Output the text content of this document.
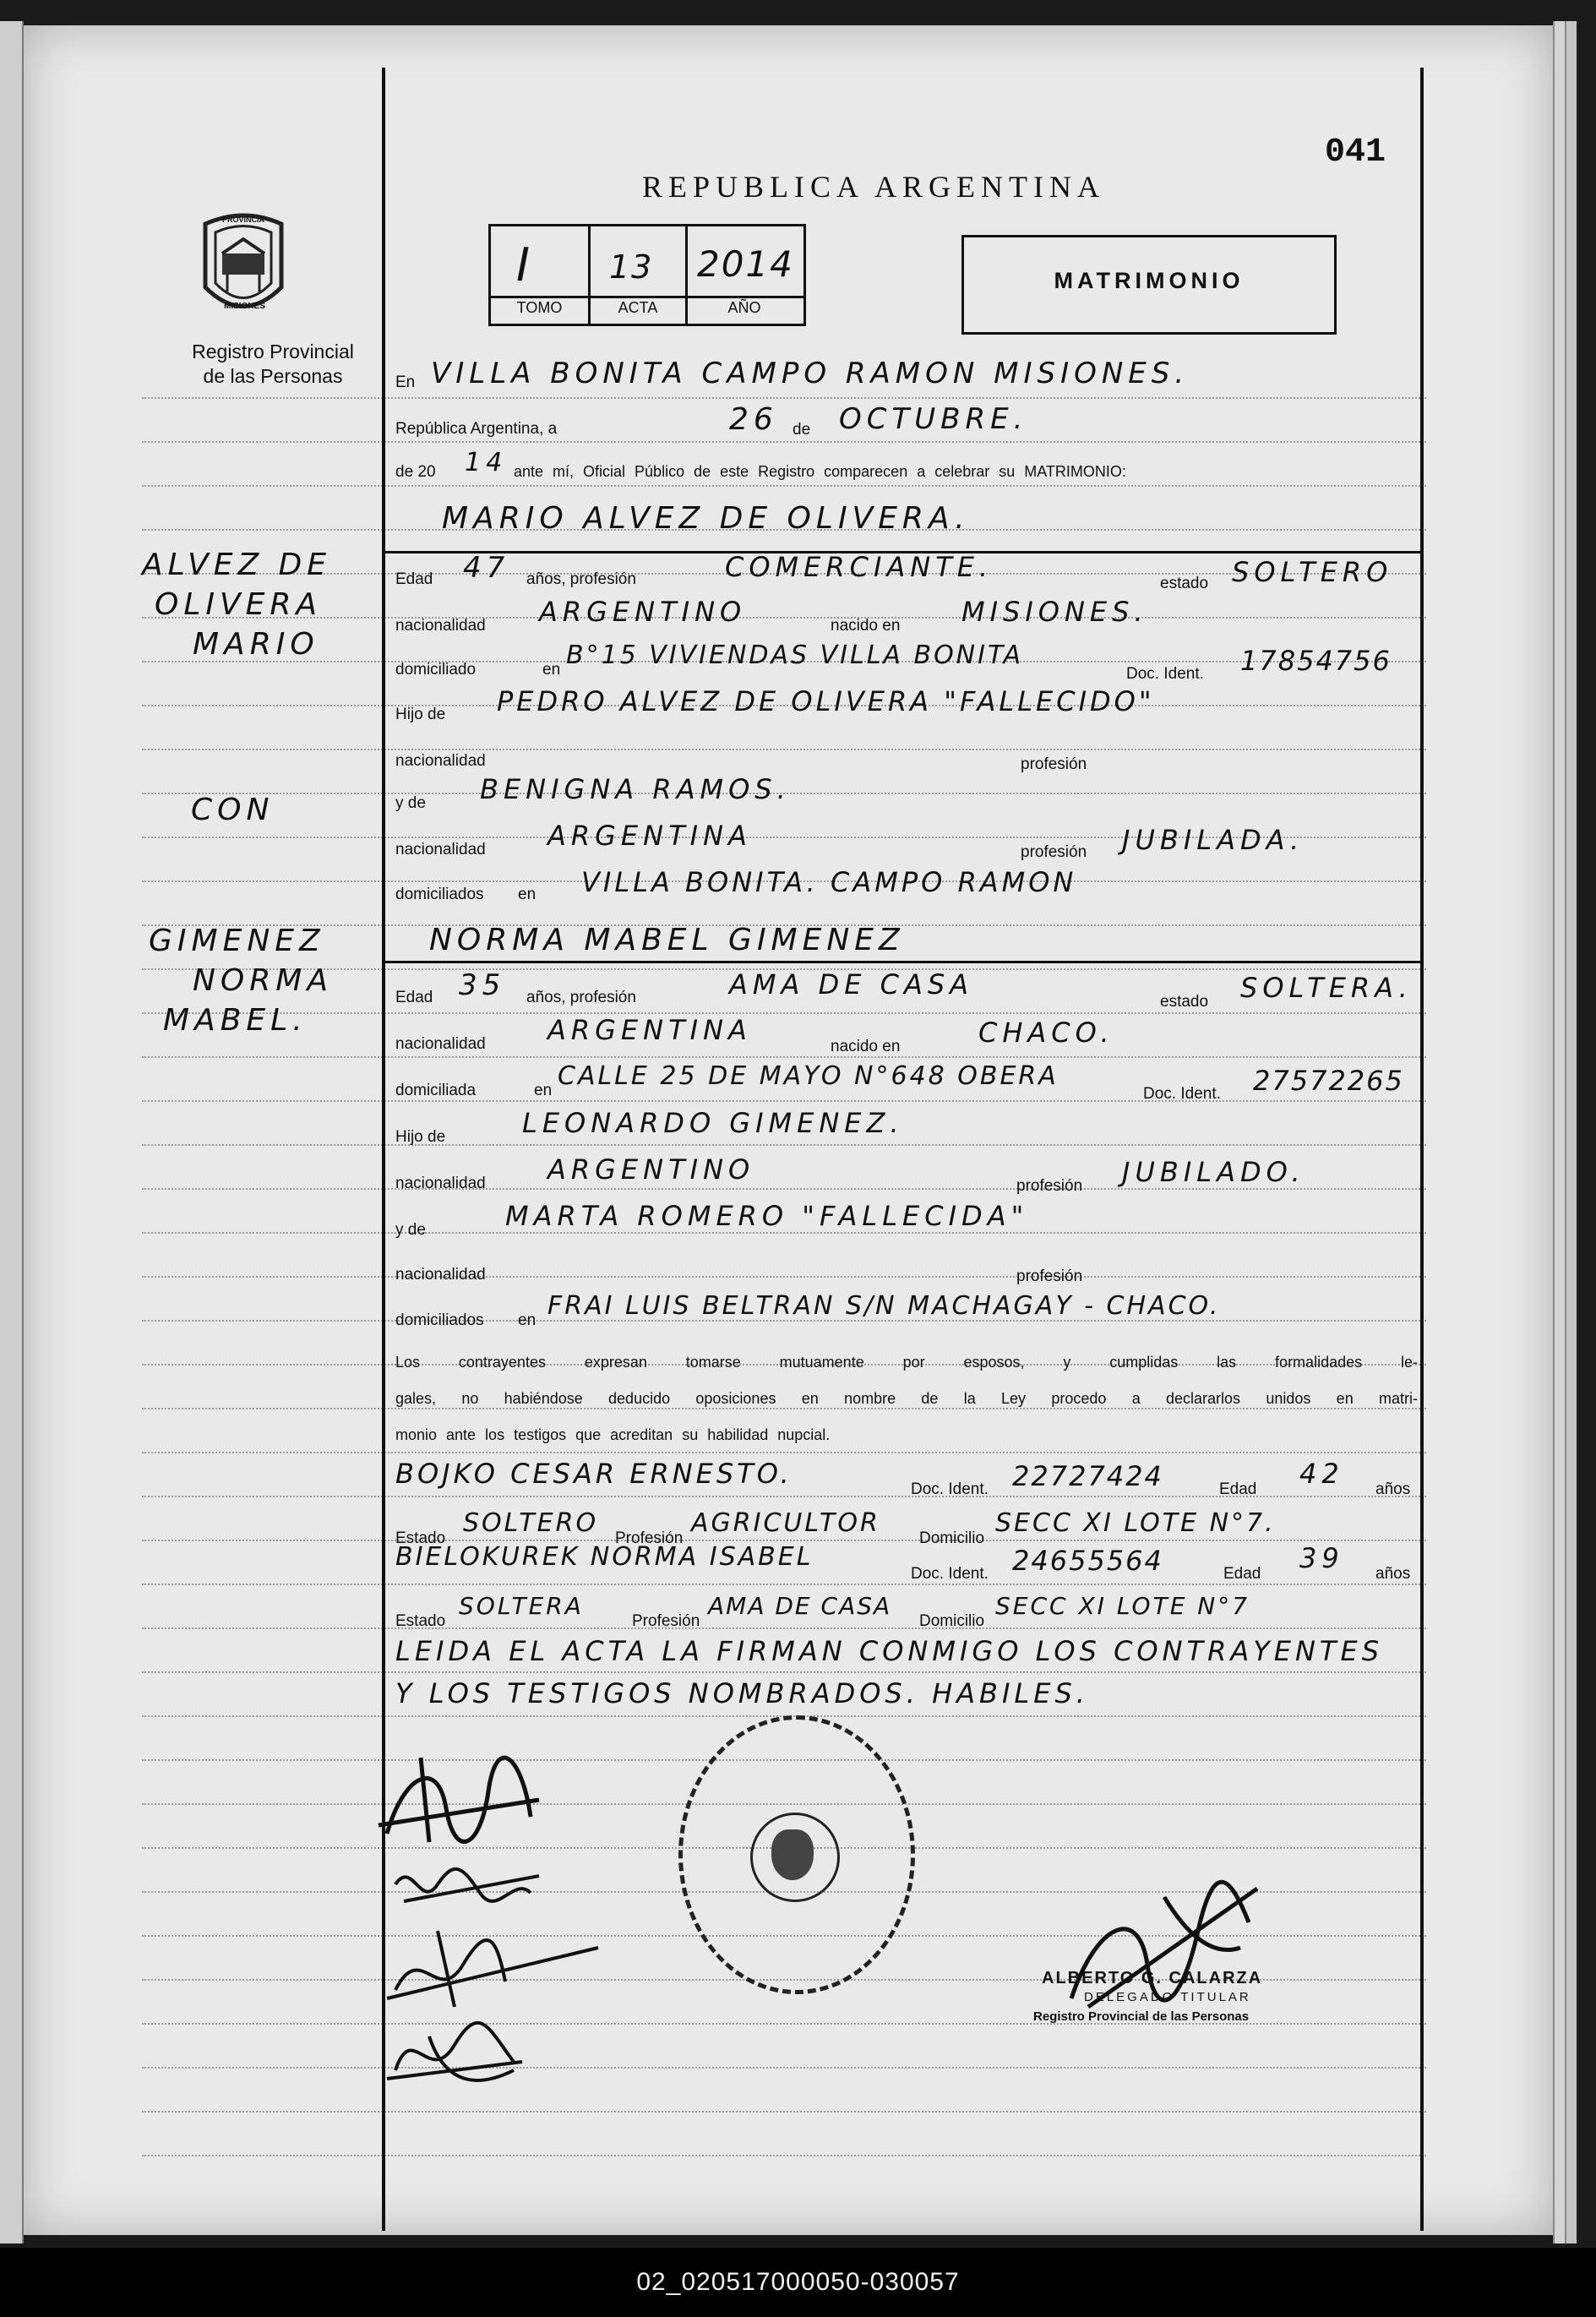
REPUBLICA ARGENTINA
041
PROVINCIA
MISIONES
Registro Provincial
de las Personas
I 13 2014
TOMO	ACTA	AÑO
MATRIMONIO
ALVEZ DE
OLIVERA
MARIO
CON
GIMENEZ
NORMA
MABEL.
En VILLA BONITA CAMPO RAMON MISIONES.
República Argentina, a	26 de OCTUBRE.
de 20 14 ante mí, Oficial Público de este Registro comparecen a celebrar su MATRIMONIO:
MARIO ALVEZ DE OLIVERA.
Edad 47 años, profesión	COMERCIANTE.
estado SOLTERO
nacionalidad ARGENTINO	nacido en MISIONES.
domiciliado	en B°15 VIVIENDAS VILLA BONITA
Doc. Ident. 17854756
Hijo de PEDRO ALVEZ DE OLIVERA "FALLECIDO"
nacionalidad	profesión
y de BENIGNA RAMOS.
nacionalidad ARGENTINA
profesión JUBILADA.
domiciliados en VILLA BONITA. CAMPO RAMON
NORMA MABEL GIMENEZ
Edad 35 años, profesión	AMA DE CASA
estado SOLTERA.
nacionalidad ARGENTINA
nacido en	CHACO.
domiciliada	en CALLE 25 DE MAYO N°648 OBERA
Doc. Ident. 27572265
Hijo de	LEONARDO GIMENEZ.
nacionalidad ARGENTINO
profesión JUBILADO.
y de	MARTA ROMERO "FALLECIDA"
nacionalidad	profesión
domiciliados en FRAI LUIS BELTRAN S/N MACHAGAY - CHACO.
Los contrayentes expresan tomarse mutuamente por esposos, y cumplidas las formalidades le-
gales, no habiéndose deducido oposiciones en nombre de la Ley procedo a declararlos unidos en matri-
monio ante los testigos que acreditan su habilidad nupcial.
BOJKO CESAR ERNESTO.	Doc. Ident. 22727424	Edad 42 años
Estado
SOLTERO
Profesión
AGRICULTOR
Domicilio
SECC XI LOTE N°7.
BIELOKUREK NORMA ISABEL
Doc. Ident. 24655564	Edad 39 años
Estado
SOLTERA
Profesión
AMA DE CASA
Domicilio
SECC XI LOTE N°7
LEIDA EL ACTA LA FIRMAN CONMIGO LOS CONTRAYENTES
Y LOS TESTIGOS NOMBRADOS. HABILES.
ALBERTO G. CALARZA
DELEGADO TITULAR
Registro Provincial de las Personas
02_020517000050-030057
